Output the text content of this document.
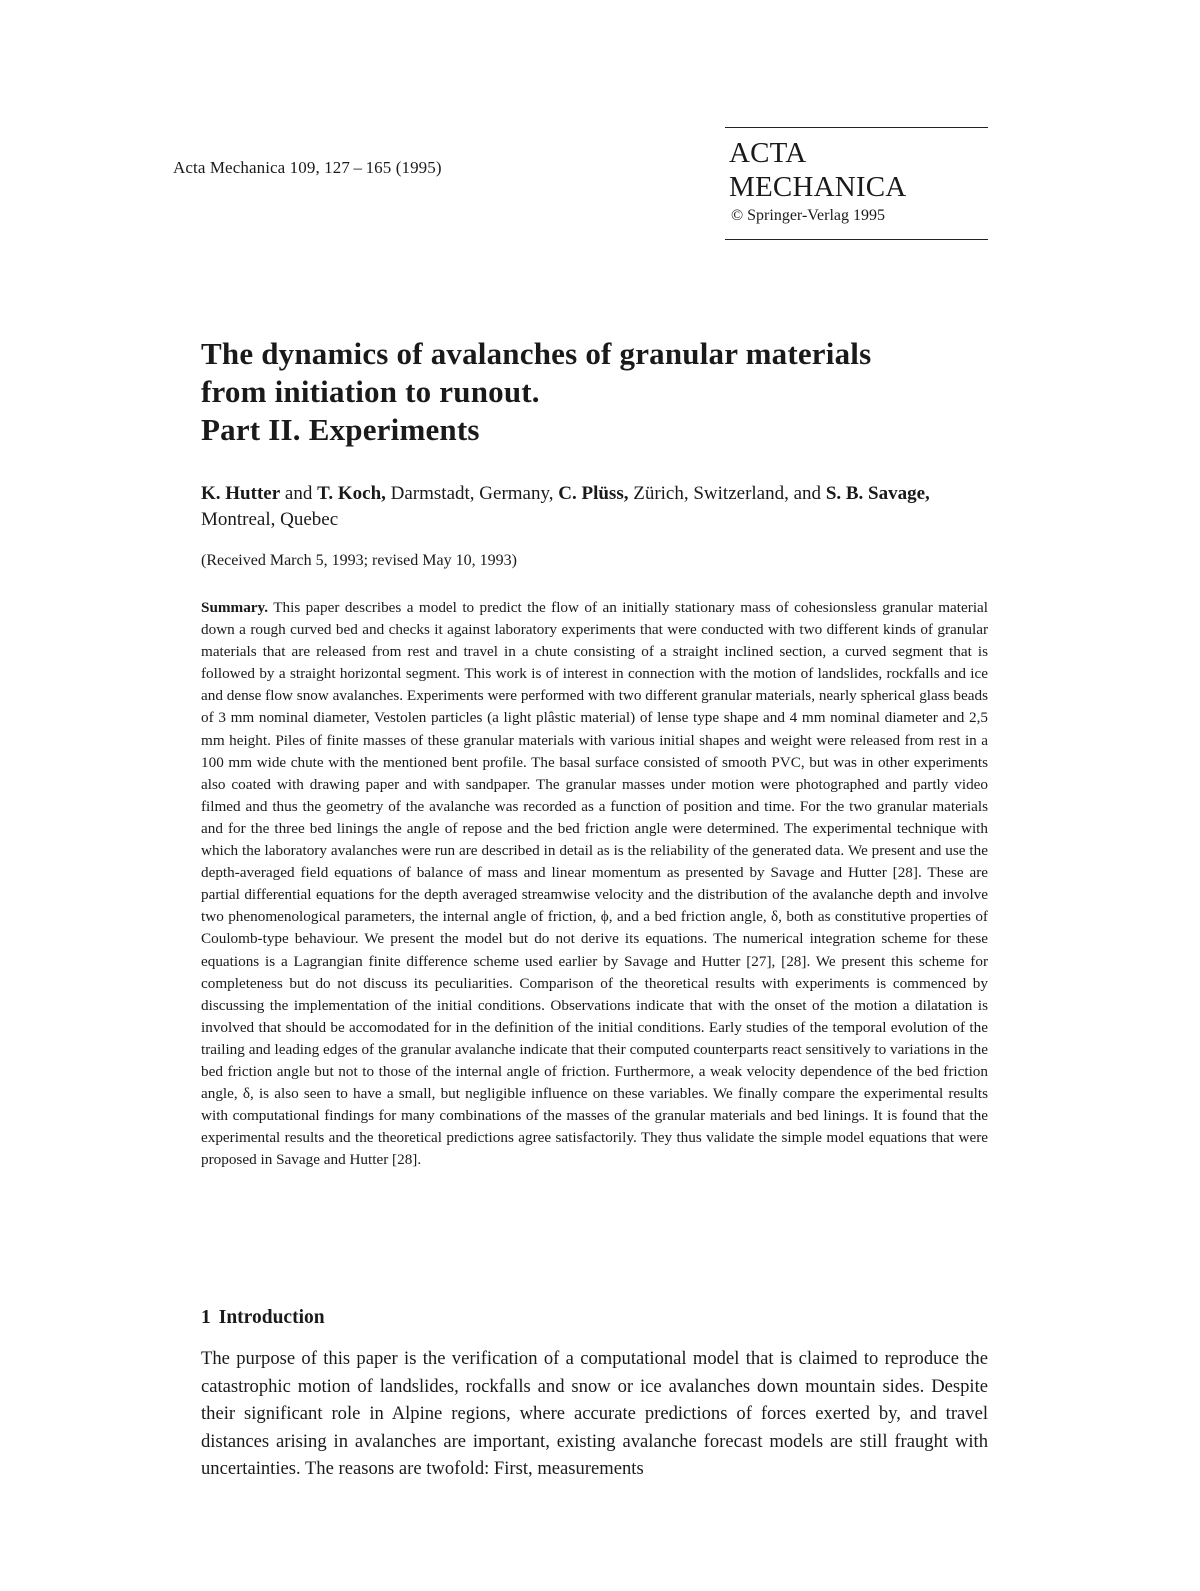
Acta Mechanica 109, 127 – 165 (1995)	ACTA MECHANICA
© Springer-Verlag 1995
The dynamics of avalanches of granular materials
from initiation to runout.
Part II. Experiments
K. Hutter and T. Koch, Darmstadt, Germany, C. Plüss, Zürich, Switzerland, and S. B. Savage,
Montreal, Quebec
(Received March 5, 1993; revised May 10, 1993)
Summary. This paper describes a model to predict the flow of an initially stationary mass of cohesionsless granular material down a rough curved bed and checks it against laboratory experiments that were conducted with two different kinds of granular materials that are released from rest and travel in a chute consisting of a straight inclined section, a curved segment that is followed by a straight horizontal segment. This work is of interest in connection with the motion of landslides, rockfalls and ice and dense flow snow avalanches. Experiments were performed with two different granular materials, nearly spherical glass beads of 3 mm nominal diameter, Vestolen particles (a light plâstic material) of lense type shape and 4 mm nominal diameter and 2,5 mm height. Piles of finite masses of these granular materials with various initial shapes and weight were released from rest in a 100 mm wide chute with the mentioned bent profile. The basal surface consisted of smooth PVC, but was in other experiments also coated with drawing paper and with sandpaper. The granular masses under motion were photographed and partly video filmed and thus the geometry of the avalanche was recorded as a function of position and time. For the two granular materials and for the three bed linings the angle of repose and the bed friction angle were determined. The experimental technique with which the laboratory avalanches were run are described in detail as is the reliability of the generated data. We present and use the depth-averaged field equations of balance of mass and linear momentum as presented by Savage and Hutter [28]. These are partial differential equations for the depth averaged streamwise velocity and the distribution of the avalanche depth and involve two phenomenological parameters, the internal angle of friction, ϕ, and a bed friction angle, δ, both as constitutive properties of Coulomb-type behaviour. We present the model but do not derive its equations. The numerical integration scheme for these equations is a Lagrangian finite difference scheme used earlier by Savage and Hutter [27], [28]. We present this scheme for completeness but do not discuss its peculiarities. Comparison of the theoretical results with experiments is commenced by discussing the implementation of the initial conditions. Observations indicate that with the onset of the motion a dilatation is involved that should be accomodated for in the definition of the initial conditions. Early studies of the temporal evolution of the trailing and leading edges of the granular avalanche indicate that their computed counterparts react sensitively to variations in the bed friction angle but not to those of the internal angle of friction. Furthermore, a weak velocity dependence of the bed friction angle, δ, is also seen to have a small, but negligible influence on these variables. We finally compare the experimental results with computational findings for many combinations of the masses of the granular materials and bed linings. It is found that the experimental results and the theoretical predictions agree satisfactorily. They thus validate the simple model equations that were proposed in Savage and Hutter [28].
1 Introduction
The purpose of this paper is the verification of a computational model that is claimed to reproduce the catastrophic motion of landslides, rockfalls and snow or ice avalanches down mountain sides. Despite their significant role in Alpine regions, where accurate predictions of forces exerted by, and travel distances arising in avalanches are important, existing avalanche forecast models are still fraught with uncertainties. The reasons are twofold: First, measurements
